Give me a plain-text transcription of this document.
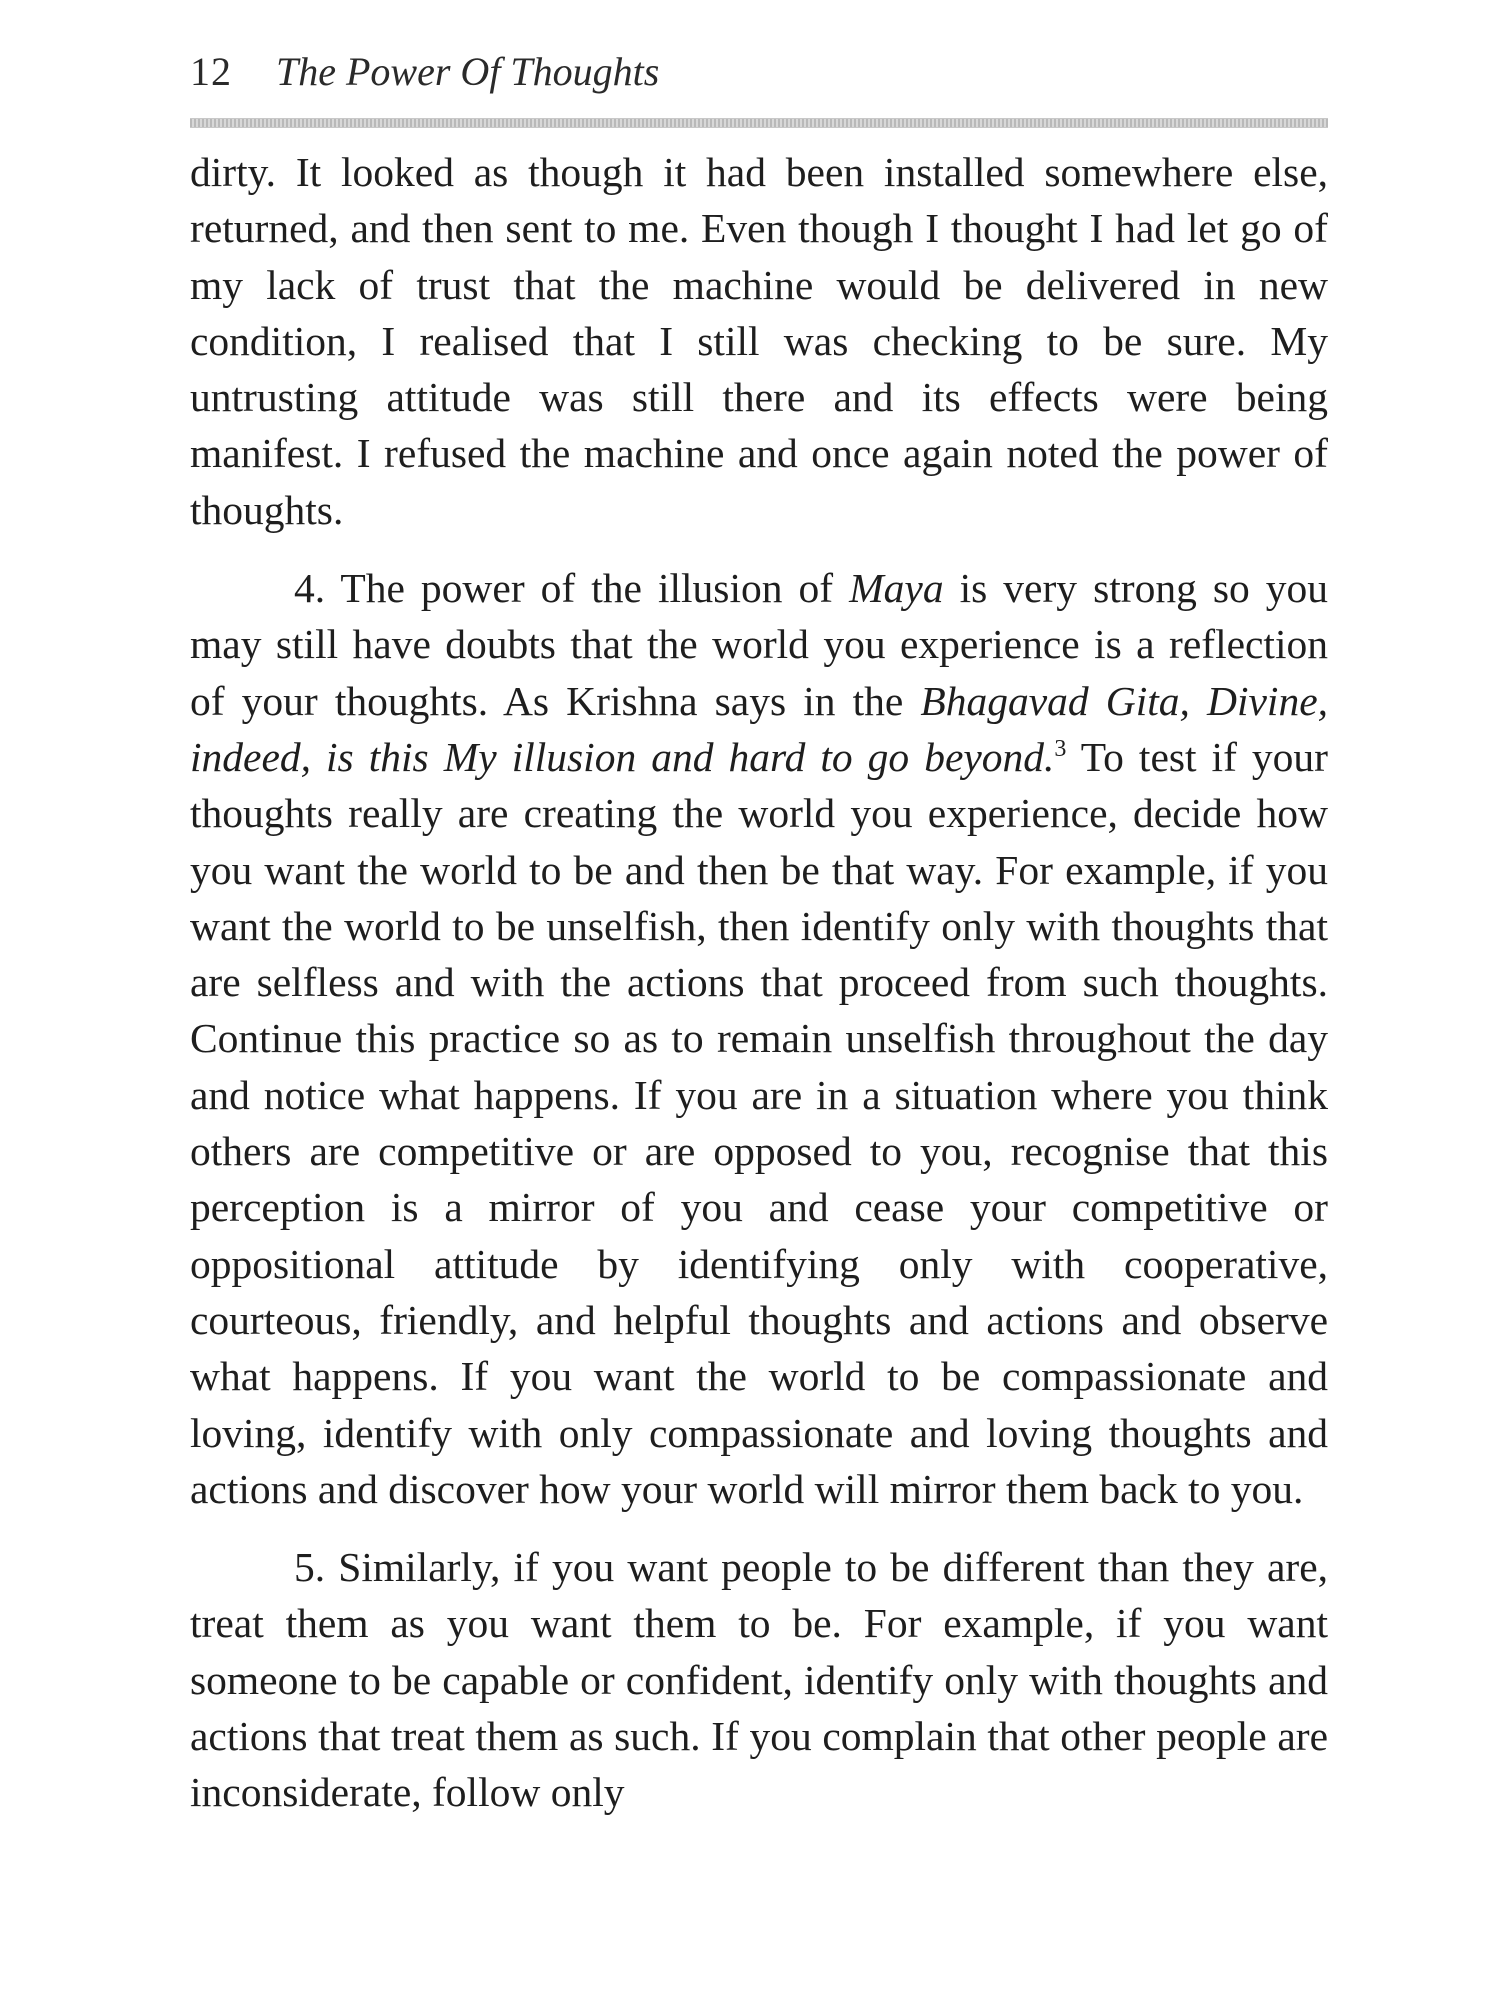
12 The Power Of Thoughts

dirty. It looked as though it had been installed somewhere else, returned, and then sent to me. Even though I thought I had let go of my lack of trust that the machine would be delivered in new condition, I realised that I still was checking to be sure. My untrusting attitude was still there and its effects were being manifest. I refused the machine and once again noted the power of thoughts.

4. The power of the illusion of Maya is very strong so you may still have doubts that the world you experience is a reflection of your thoughts. As Krishna says in the Bhagavad Gita, Divine, indeed, is this My illusion and hard to go beyond.$^3$ To test if your thoughts really are creating the world you experience, decide how you want the world to be and then be that way. For example, if you want the world to be unselfish, then identify only with thoughts that are selfless and with the actions that proceed from such thoughts. Continue this practice so as to remain unselfish throughout the day and notice what happens. If you are in a situation where you think others are competitive or are opposed to you, recognise that this perception is a mirror of you and cease your competitive or oppositional attitude by identifying only with cooperative, courteous, friendly, and helpful thoughts and actions and observe what happens. If you want the world to be compassionate and loving, identify with only compassionate and loving thoughts and actions and discover how your world will mirror them back to you.

5. Similarly, if you want people to be different than they are, treat them as you want them to be. For example, if you want someone to be capable or confident, identify only with thoughts and actions that treat them as such. If you complain that other people are inconsiderate, follow only
